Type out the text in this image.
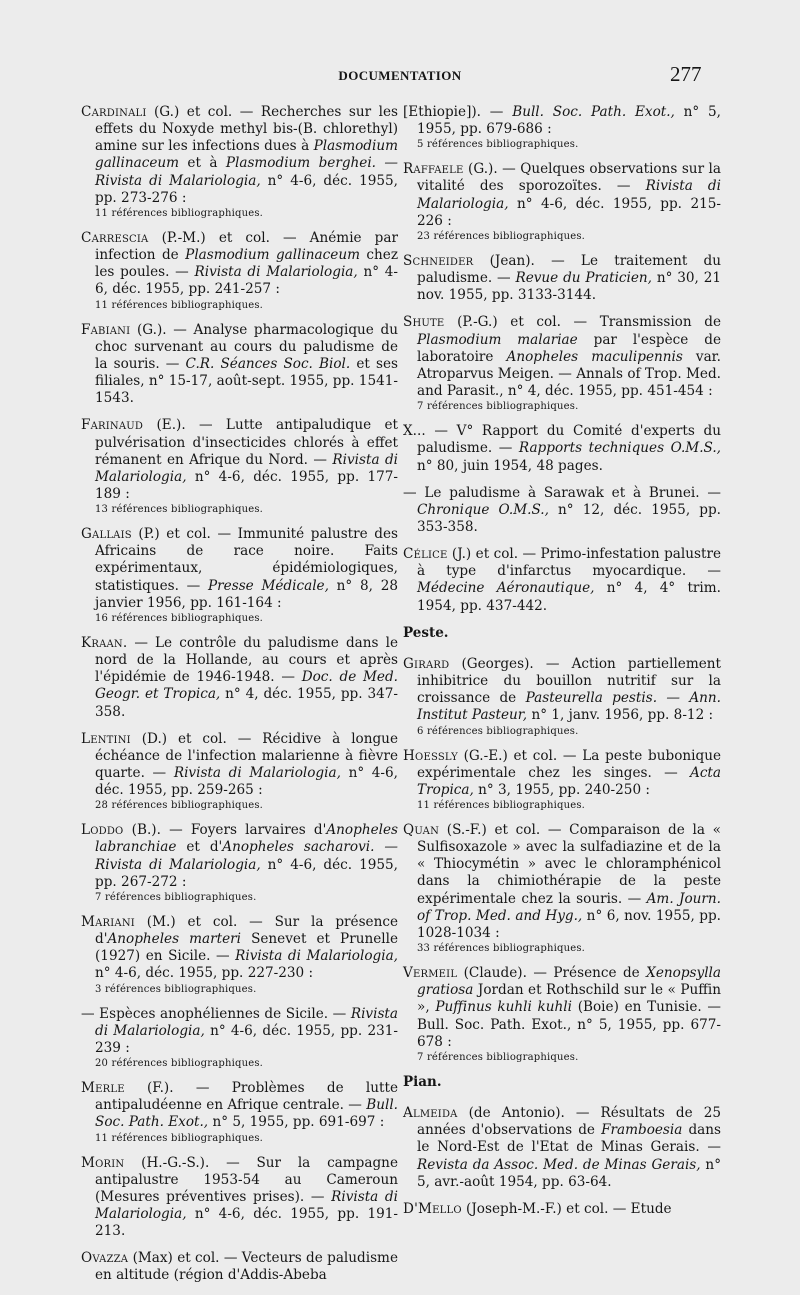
DOCUMENTATION	277
Cardinali (G.) et col. — Recherches sur les effets du Noxyde methyl bis-(B. chlorethyl) amine sur les infections dues à Plasmodium gallinaceum et à Plasmodium berghei. — Rivista di Malariologia, n° 4-6, déc. 1955, pp. 273-276 :
11 références bibliographiques.
Carrescia (P.-M.) et col. — Anémie par infection de Plasmodium gallinaceum chez les poules. — Rivista di Malariologia, n° 4-6, déc. 1955, pp. 241-257 :
11 références bibliographiques.
Fabiani (G.). — Analyse pharmacologique du choc survenant au cours du paludisme de la souris. — C.R. Séances Soc. Biol. et ses filiales, n° 15-17, août-sept. 1955, pp. 1541-1543.
Farinaud (E.). — Lutte antipaludique et pulvérisation d'insecticides chlorés à effet rémanent en Afrique du Nord. — Rivista di Malariologia, n° 4-6, déc. 1955, pp. 177-189 :
13 références bibliographiques.
Gallais (P.) et col. — Immunité palustre des Africains de race noire. Faits expérimentaux, épidémiologiques, statistiques. — Presse Médicale, n° 8, 28 janvier 1956, pp. 161-164 :
16 références bibliographiques.
Kraan. — Le contrôle du paludisme dans le nord de la Hollande, au cours et après l'épidémie de 1946-1948. — Doc. de Med. Geogr. et Tropica, n° 4, déc. 1955, pp. 347-358.
Lentini (D.) et col. — Récidive à longue échéance de l'infection malarienne à fièvre quarte. — Rivista di Malariologia, n° 4-6, déc. 1955, pp. 259-265 :
28 références bibliographiques.
Loddo (B.). — Foyers larvaires d'Anopheles labranchiae et d'Anopheles sacharovi. — Rivista di Malariologia, n° 4-6, déc. 1955, pp. 267-272 :
7 références bibliographiques.
Mariani (M.) et col. — Sur la présence d'Anopheles marteri Senevet et Prunelle (1927) en Sicile. — Rivista di Malariologia, n° 4-6, déc. 1955, pp. 227-230 :
3 références bibliographiques.
— Espèces anophéliennes de Sicile. — Rivista di Malariologia, n° 4-6, déc. 1955, pp. 231-239 :
20 références bibliographiques.
Merle (F.). — Problèmes de lutte antipaludéenne en Afrique centrale. — Bull. Soc. Path. Exot., n° 5, 1955, pp. 691-697 :
11 références bibliographiques.
Morin (H.-G.-S.). — Sur la campagne antipalustre 1953-54 au Cameroun (Mesures préventives prises). — Rivista di Malariologia, n° 4-6, déc. 1955, pp. 191-213.
Ovazza (Max) et col. — Vecteurs de paludisme en altitude (région d'Addis-Abeba
[Ethiopie]). — Bull. Soc. Path. Exot., n° 5, 1955, pp. 679-686 :
5 références bibliographiques.
Raffaele (G.). — Quelques observations sur la vitalité des sporozoïtes. — Rivista di Malariologia, n° 4-6, déc. 1955, pp. 215-226 :
23 références bibliographiques.
Schneider (Jean). — Le traitement du paludisme. — Revue du Praticien, n° 30, 21 nov. 1955, pp. 3133-3144.
Shute (P.-G.) et col. — Transmission de Plasmodium malariae par l'espèce de laboratoire Anopheles maculipennis var. Atroparvus Meigen. — Annals of Trop. Med. and Parasit., n° 4, déc. 1955, pp. 451-454 :
7 références bibliographiques.
X... — V° Rapport du Comité d'experts du paludisme. — Rapports techniques O.M.S., n° 80, juin 1954, 48 pages.
— Le paludisme à Sarawak et à Brunei. — Chronique O.M.S., n° 12, déc. 1955, pp. 353-358.
Célice (J.) et col. — Primo-infestation palustre à type d'infarctus myocardique. — Médecine Aéronautique, n° 4, 4° trim. 1954, pp. 437-442.
Peste.
Girard (Georges). — Action partiellement inhibitrice du bouillon nutritif sur la croissance de Pasteurella pestis. — Ann. Institut Pasteur, n° 1, janv. 1956, pp. 8-12 :
6 références bibliographiques.
Hoessly (G.-E.) et col. — La peste bubonique expérimentale chez les singes. — Acta Tropica, n° 3, 1955, pp. 240-250 :
11 références bibliographiques.
Quan (S.-F.) et col. — Comparaison de la « Sulfisoxazole » avec la sulfadiazine et de la « Thiocymétin » avec le chloramphénicol dans la chimiothérapie de la peste expérimentale chez la souris. — Am. Journ. of Trop. Med. and Hyg., n° 6, nov. 1955, pp. 1028-1034 :
33 références bibliographiques.
Vermeil (Claude). — Présence de Xenopsylla gratiosa Jordan et Rothschild sur le « Puffin », Puffinus kuhli kuhli (Boie) en Tunisie. — Bull. Soc. Path. Exot., n° 5, 1955, pp. 677-678 :
7 références bibliographiques.
Pian.
Almeida (de Antonio). — Résultats de 25 années d'observations de Framboesia dans le Nord-Est de l'Etat de Minas Gerais. — Revista da Assoc. Med. de Minas Gerais, n° 5, avr.-août 1954, pp. 63-64.
D'Mello (Joseph-M.-F.) et col. — Etude
